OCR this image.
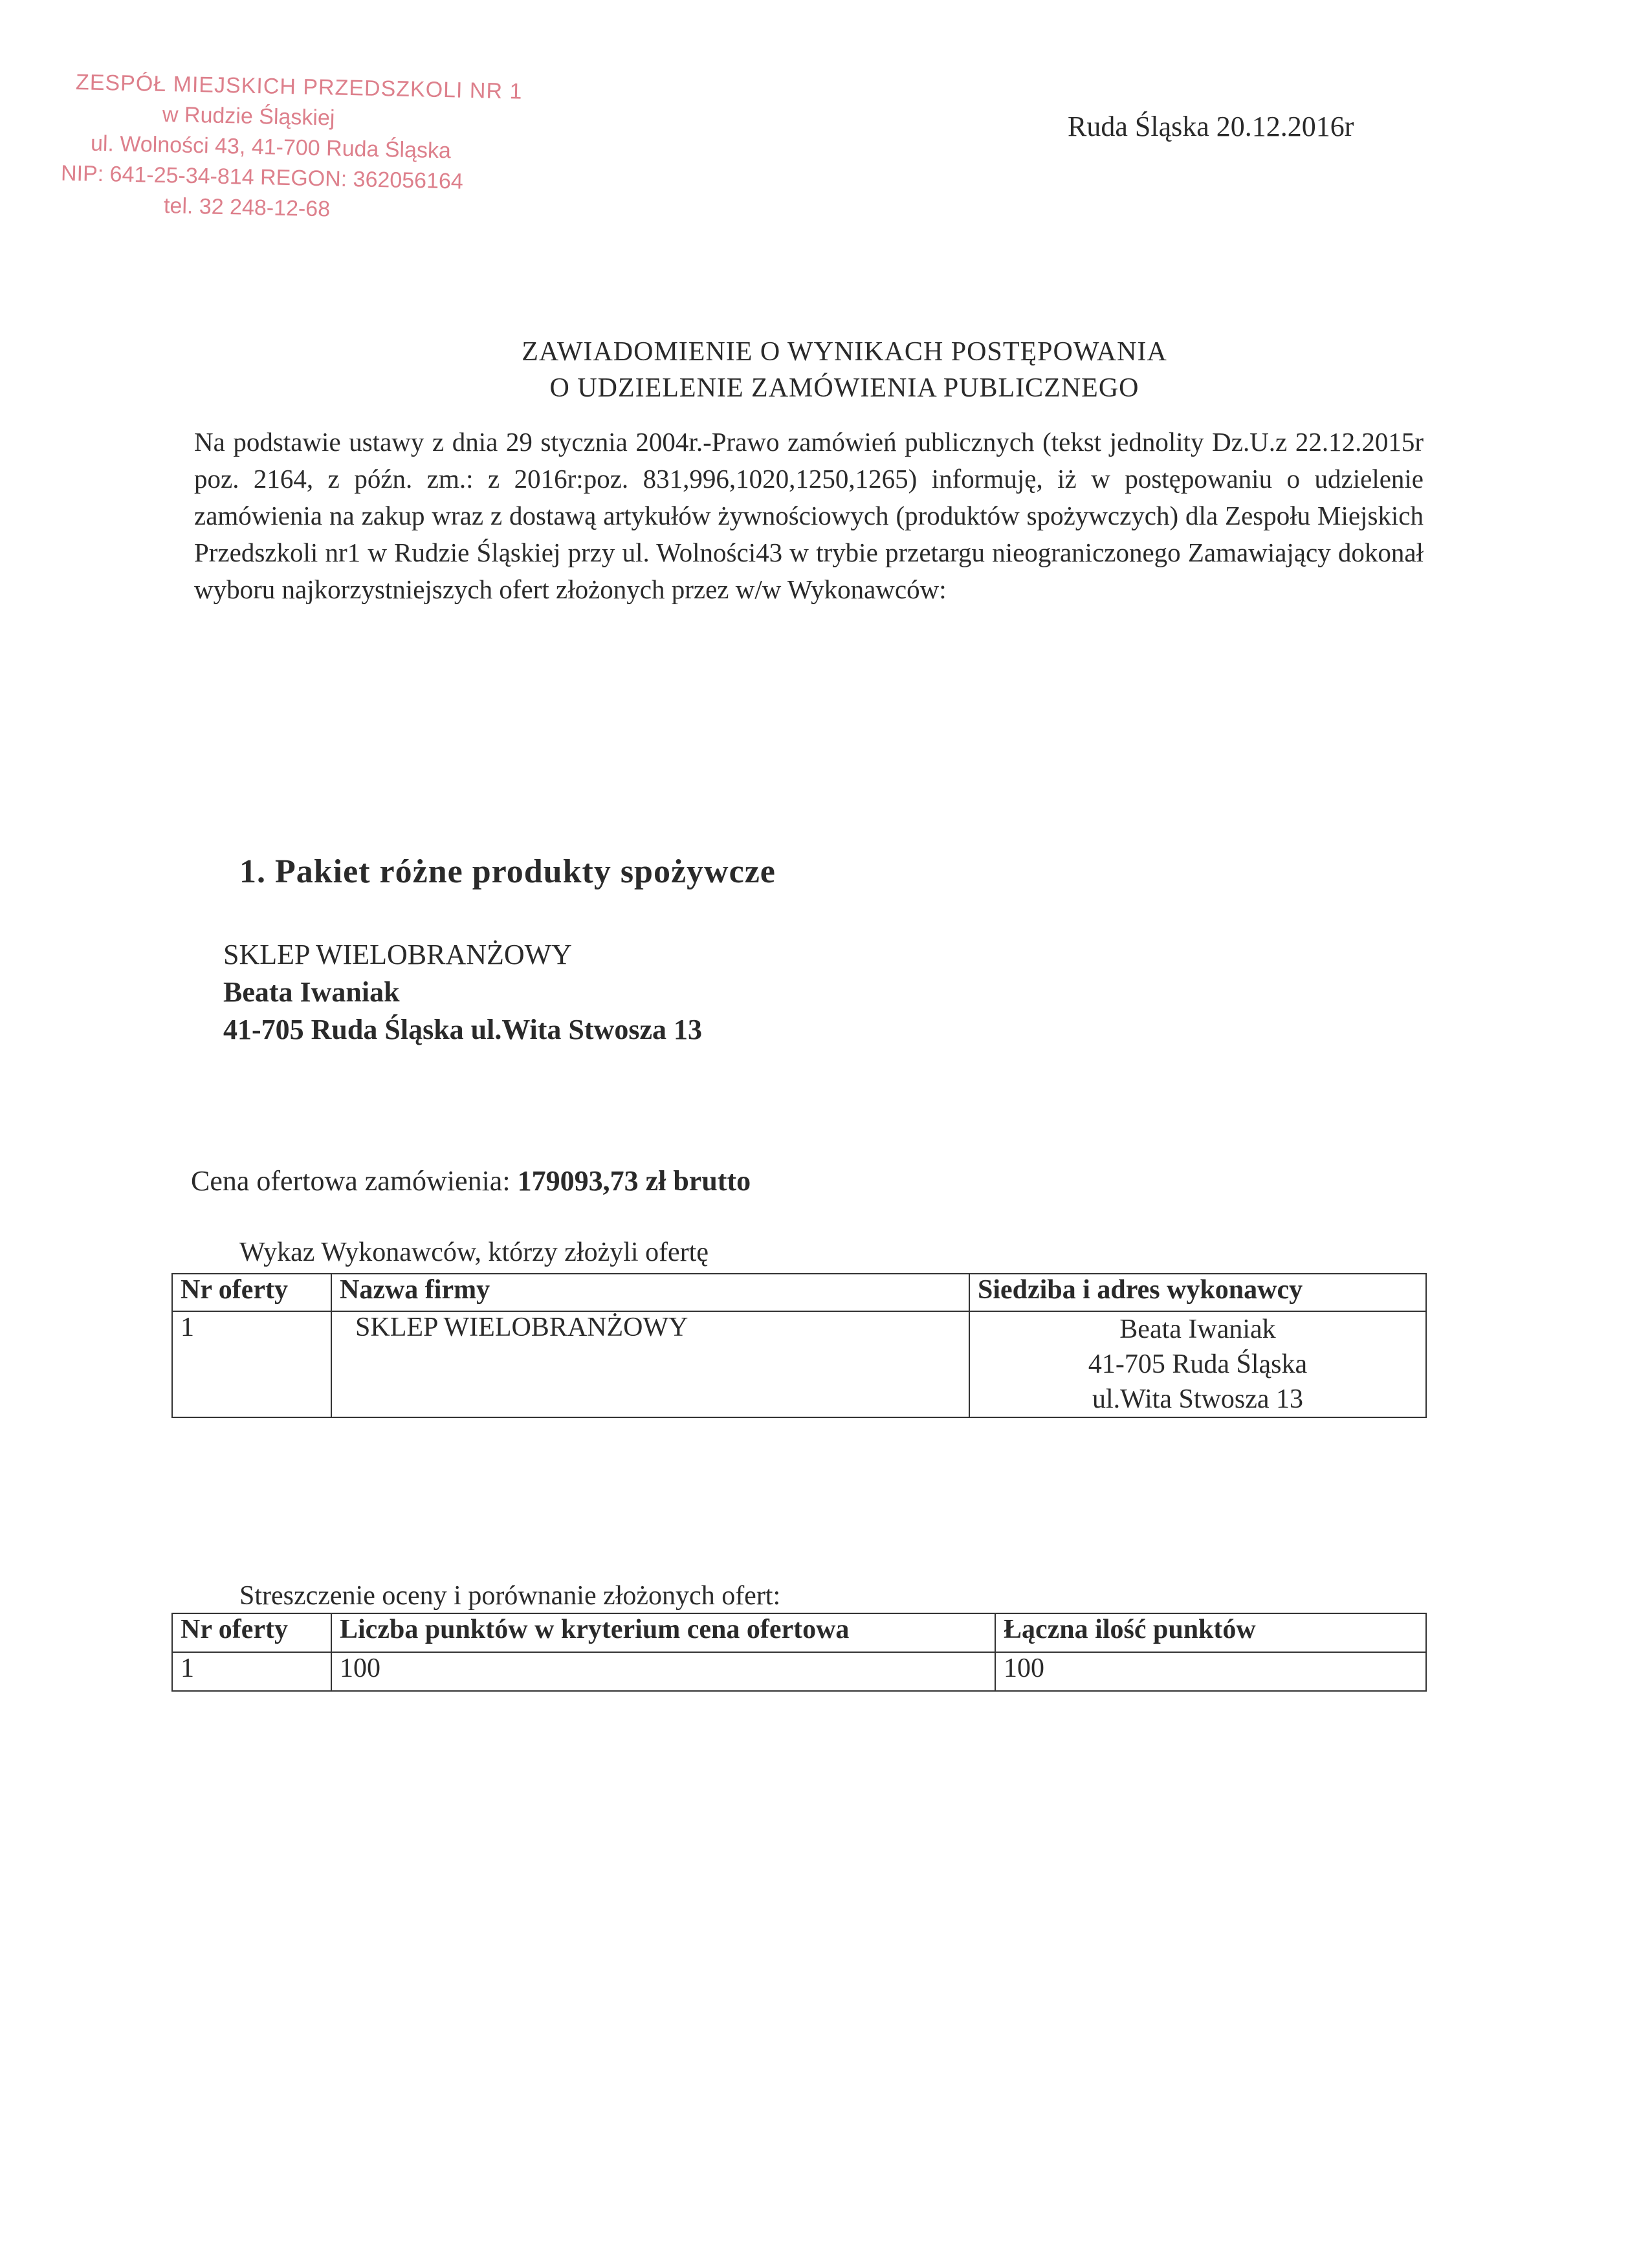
ZESPÓŁ MIEJSKICH PRZEDSZKOLI NR 1
w Rudzie Śląskiej
ul. Wolności 43, 41-700 Ruda Śląska
NIP: 641-25-34-814 REGON: 362056164
tel. 32 248-12-68
Ruda Śląska 20.12.2016r
ZAWIADOMIENIE O WYNIKACH POSTĘPOWANIA
O UDZIELENIE ZAMÓWIENIA PUBLICZNEGO
Na podstawie ustawy z dnia 29 stycznia 2004r.-Prawo zamówień publicznych (tekst jednolity Dz.U.z 22.12.2015r poz. 2164, z późn. zm.: z 2016r:poz. 831,996,1020,1250,1265) informuję, iż w postępowaniu o udzielenie zamówienia na zakup wraz z dostawą artykułów żywnościowych (produktów spożywczych) dla Zespołu Miejskich Przedszkoli nr1 w Rudzie Śląskiej przy ul. Wolności43 w trybie przetargu nieograniczonego Zamawiający dokonał wyboru najkorzystniejszych ofert złożonych przez w/w Wykonawców:
1. Pakiet różne produkty spożywcze
SKLEP WIELOBRANŻOWY
Beata Iwaniak
41-705 Ruda Śląska ul.Wita Stwosza 13
Cena ofertowa zamówienia: 179093,73 zł brutto
Wykaz Wykonawców, którzy złożyli ofertę
Nr oferty	Nazwa firmy	Siedziba i adres wykonawcy
1	SKLEP WIELOBRANŻOWY	Beata Iwaniak
41-705 Ruda Śląska
ul.Wita Stwosza 13
Streszczenie oceny i porównanie złożonych ofert:
Nr oferty	Liczba punktów w kryterium cena ofertowa	Łączna ilość punktów
1	100	100
